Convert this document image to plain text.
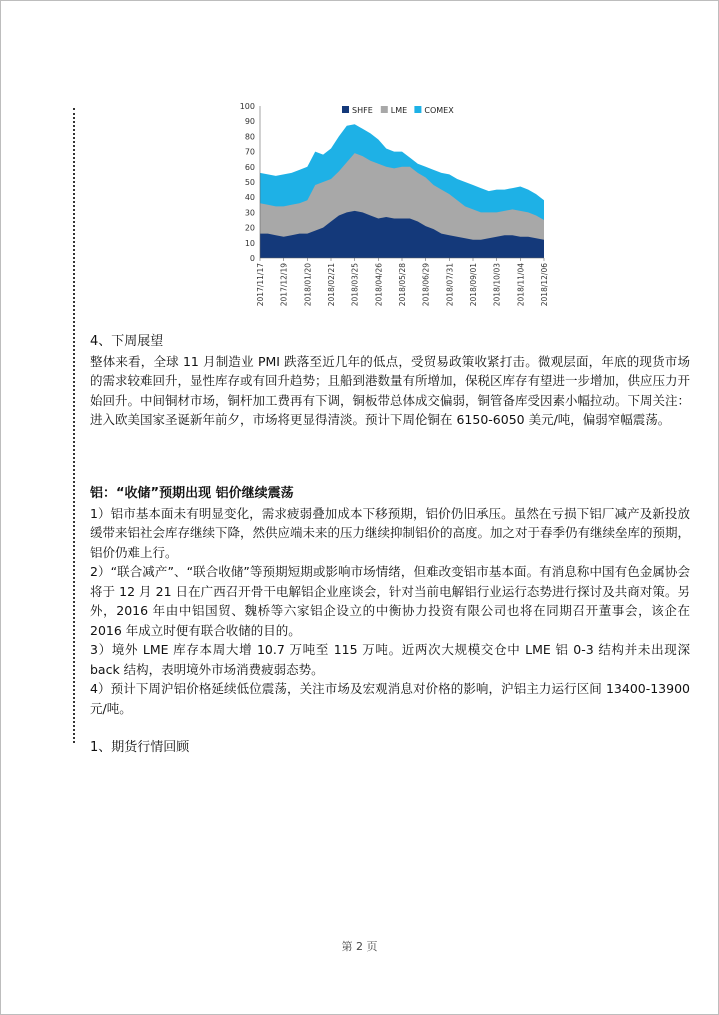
0
10
20
30
40
50
60
70
80
90
100
2017/11/17 2017/12/19 2018/01/20 2018/02/21 2018/03/25 2018/04/26 2018/05/28 2018/06/29 2018/07/31 2018/09/01 2018/10/03 2018/11/04 2018/12/06
SHFE LME COMEX
4、下周展望
整体来看，全球 11 月制造业 PMI 跌落至近几年的低点，受贸易政策收紧打击。微观层面，年底的现货市场的需求较难回升，显性库存或有回升趋势；且船到港数量有所增加，保税区库存有望进一步增加，供应压力开始回升。中间铜材市场，铜杆加工费再有下调，铜板带总体成交偏弱，铜管备库受因素小幅拉动。下周关注：进入欧美国家圣诞新年前夕，市场将更显得清淡。预计下周伦铜在 6150-6050 美元/吨，偏弱窄幅震荡。
铝：“收储”预期出现 铝价继续震荡
1）铝市基本面未有明显变化，需求疲弱叠加成本下移预期，铝价仍旧承压。虽然在亏损下铝厂减产及新投放缓带来铝社会库存继续下降，然供应端未来的压力继续抑制铝价的高度。加之对于春季仍有继续垒库的预期，铝价仍难上行。
2）“联合减产”、“联合收储”等预期短期或影响市场情绪，但难改变铝市基本面。有消息称中国有色金属协会将于 12 月 21 日在广西召开骨干电解铝企业座谈会，针对当前电解铝行业运行态势进行探讨及共商对策。另外，2016 年由中铝国贸、魏桥等六家铝企设立的中衡协力投资有限公司也将在同期召开董事会，该企在 2016 年成立时便有联合收储的目的。
3）境外 LME 库存本周大增 10.7 万吨至 115 万吨。近两次大规模交仓中 LME 铝 0-3 结构并未出现深 back 结构，表明境外市场消费疲弱态势。
4）预计下周沪铝价格延续低位震荡，关注市场及宏观消息对价格的影响，沪铝主力运行区间 13400-13900 元/吨。
1、期货行情回顾
第 2 页
